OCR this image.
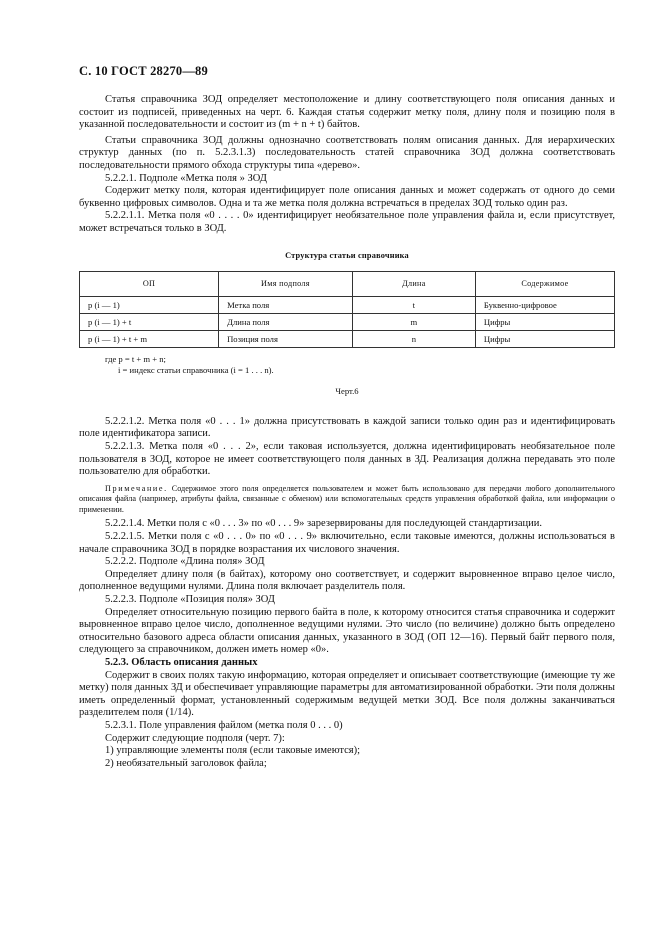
С. 10 ГОСТ 28270—89

Статья справочника ЗОД определяет местоположение и длину соответствующего поля описания данных и состоит из подписей, приведенных на черт. 6. Каждая статья содержит метку поля, длину поля и позицию поля в указанной последовательности и состоит из (m + n + t) байтов.

Статьи справочника ЗОД должны однозначно соответствовать полям описания данных. Для иерархических структур данных (по п. 5.2.3.1.3) последовательность статей справочника ЗОД должна соответствовать последовательности прямого обхода структуры типа «дерево».

5.2.2.1. Подполе «Метка поля » ЗОД

Содержит метку поля, которая идентифицирует поле описания данных и может содержать от одного до семи буквенно цифровых символов. Одна и та же метка поля должна встречаться в пределах ЗОД только один раз.

5.2.2.1.1. Метка поля «0 . . . . 0» идентифицирует необязательное поле управления файла и, если присутствует, может встречаться только в ЗОД.

Структура статьи справочника
ОП	Имя подполя	Длина	Содержимое
p (i — 1)	Метка поля	t	Буквенно-цифровое
p (i — 1) + t	Длина поля	m	Цифры
p (i — 1) + t + m	Позиция поля	n	Цифры
где p = t + m + n;
i = индекс статьи справочника (i = 1 . . . n).
Черт.6

5.2.2.1.2. Метка поля «0 . . . 1» должна присутствовать в каждой записи только один раз и идентифицировать поле идентификатора записи.

5.2.2.1.3. Метка поля «0 . . . 2», если таковая используется, должна идентифицировать необязательное поле пользователя в ЗОД, которое не имеет соответствующего поля данных в ЗД. Реализация должна передавать это поле пользователю для обработки.

Примечание. Содержимое этого поля определяется пользователем и может быть использовано для передачи любого дополнительного описания файла (например, атрибуты файла, связанные с обменом) или вспомогательных средств управления обработкой файла, или информации о применении.

5.2.2.1.4. Метки поля с «0 . . . 3» по «0 . . . 9» зарезервированы для последующей стандартизации.

5.2.2.1.5. Метки поля с «0 . . . 0» по «0 . . . 9» включительно, если таковые имеются, должны использоваться в начале справочника ЗОД в порядке возрастания их числового значения.

5.2.2.2. Подполе «Длина поля» ЗОД

Определяет длину поля (в байтах), которому оно соответствует, и содержит выровненное вправо целое число, дополненное ведущими нулями. Длина поля включает разделитель поля.

5.2.2.3. Подполе «Позиция поля» ЗОД

Определяет относительную позицию первого байта в поле, к которому относится статья справочника и содержит выровненное вправо целое число, дополненное ведущими нулями. Это число (по величине) должно быть определено относительно базового адреса области описания данных, указанного в ЗОД (ОП 12—16). Первый байт первого поля, следующего за справочником, должен иметь номер «0».

5.2.3. Область описания данных

Содержит в своих полях такую информацию, которая определяет и описывает соответствующие (имеющие ту же метку) поля данных ЗД и обеспечивает управляющие параметры для автоматизированной обработки. Эти поля должны иметь определенный формат, установленный содержимым ведущей метки ЗОД. Все поля должны заканчиваться разделителем поля (1/14).

5.2.3.1. Поле управления файлом (метка поля 0 . . . 0)

Содержит следующие подполя (черт. 7):

1) управляющие элементы поля (если таковые имеются);

2) необязательный заголовок файла;
